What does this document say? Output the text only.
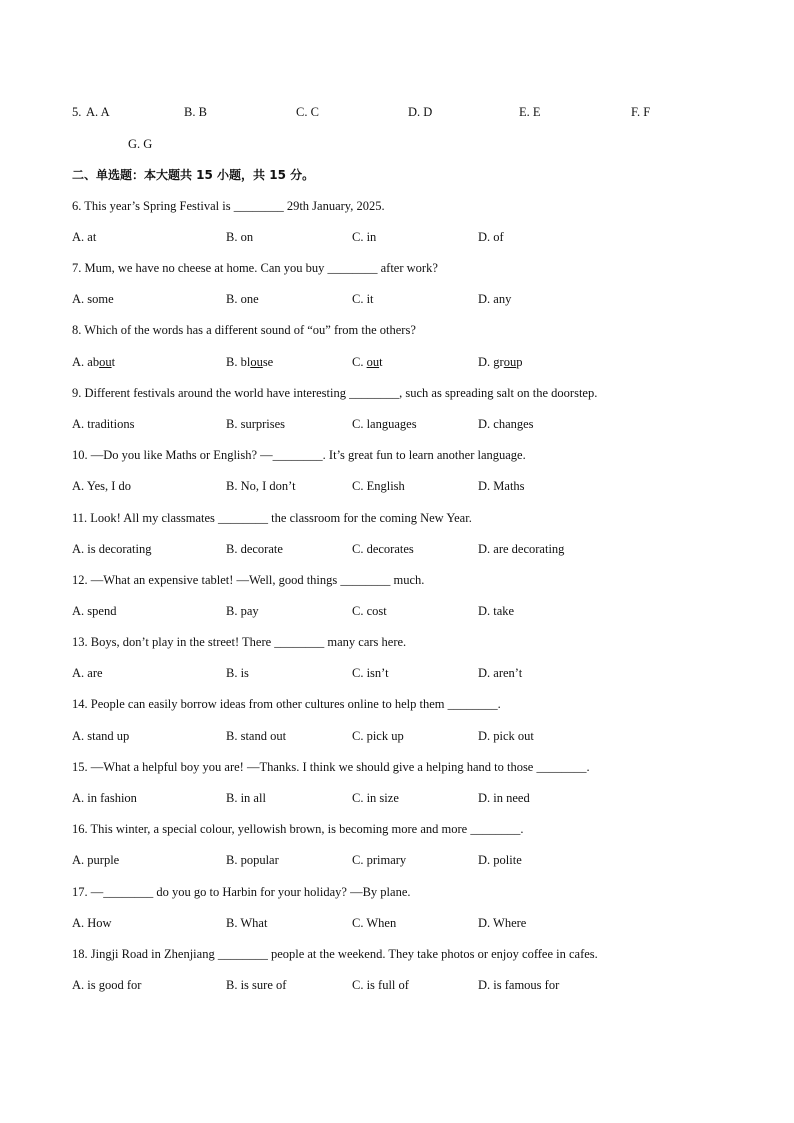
5. A. A	B. B	C. C	D. D	E. E	F. F
G. G
二、单选题：本大题共 15 小题，共 15 分。
6. This year’s Spring Festival is ________ 29th January, 2025.
A. at	B. on	C. in	D. of
7. Mum, we have no cheese at home. Can you buy ________ after work?
A. some	B. one	C. it	D. any
8. Which of the words has a different sound of “ou” from the others?
A. about	B. blouse	C. out	D. group
9. Different festivals around the world have interesting ________, such as spreading salt on the doorstep.
A. traditions	B. surprises	C. languages	D. changes
10. —Do you like Maths or English? —________. It’s great fun to learn another language.
A. Yes, I do	B. No, I don’t	C. English	D. Maths
11. Look! All my classmates ________ the classroom for the coming New Year.
A. is decorating	B. decorate	C. decorates	D. are decorating
12. —What an expensive tablet! —Well, good things ________ much.
A. spend	B. pay	C. cost	D. take
13. Boys, don’t play in the street! There ________ many cars here.
A. are	B. is	C. isn’t	D. aren’t
14. People can easily borrow ideas from other cultures online to help them ________.
A. stand up	B. stand out	C. pick up	D. pick out
15. —What a helpful boy you are! —Thanks. I think we should give a helping hand to those ________.
A. in fashion	B. in all	C. in size	D. in need
16. This winter, a special colour, yellowish brown, is becoming more and more ________.
A. purple	B. popular	C. primary	D. polite
17. —________ do you go to Harbin for your holiday? —By plane.
A. How	B. What	C. When	D. Where
18. Jingji Road in Zhenjiang ________ people at the weekend. They take photos or enjoy coffee in cafes.
A. is good for	B. is sure of	C. is full of	D. is famous for
